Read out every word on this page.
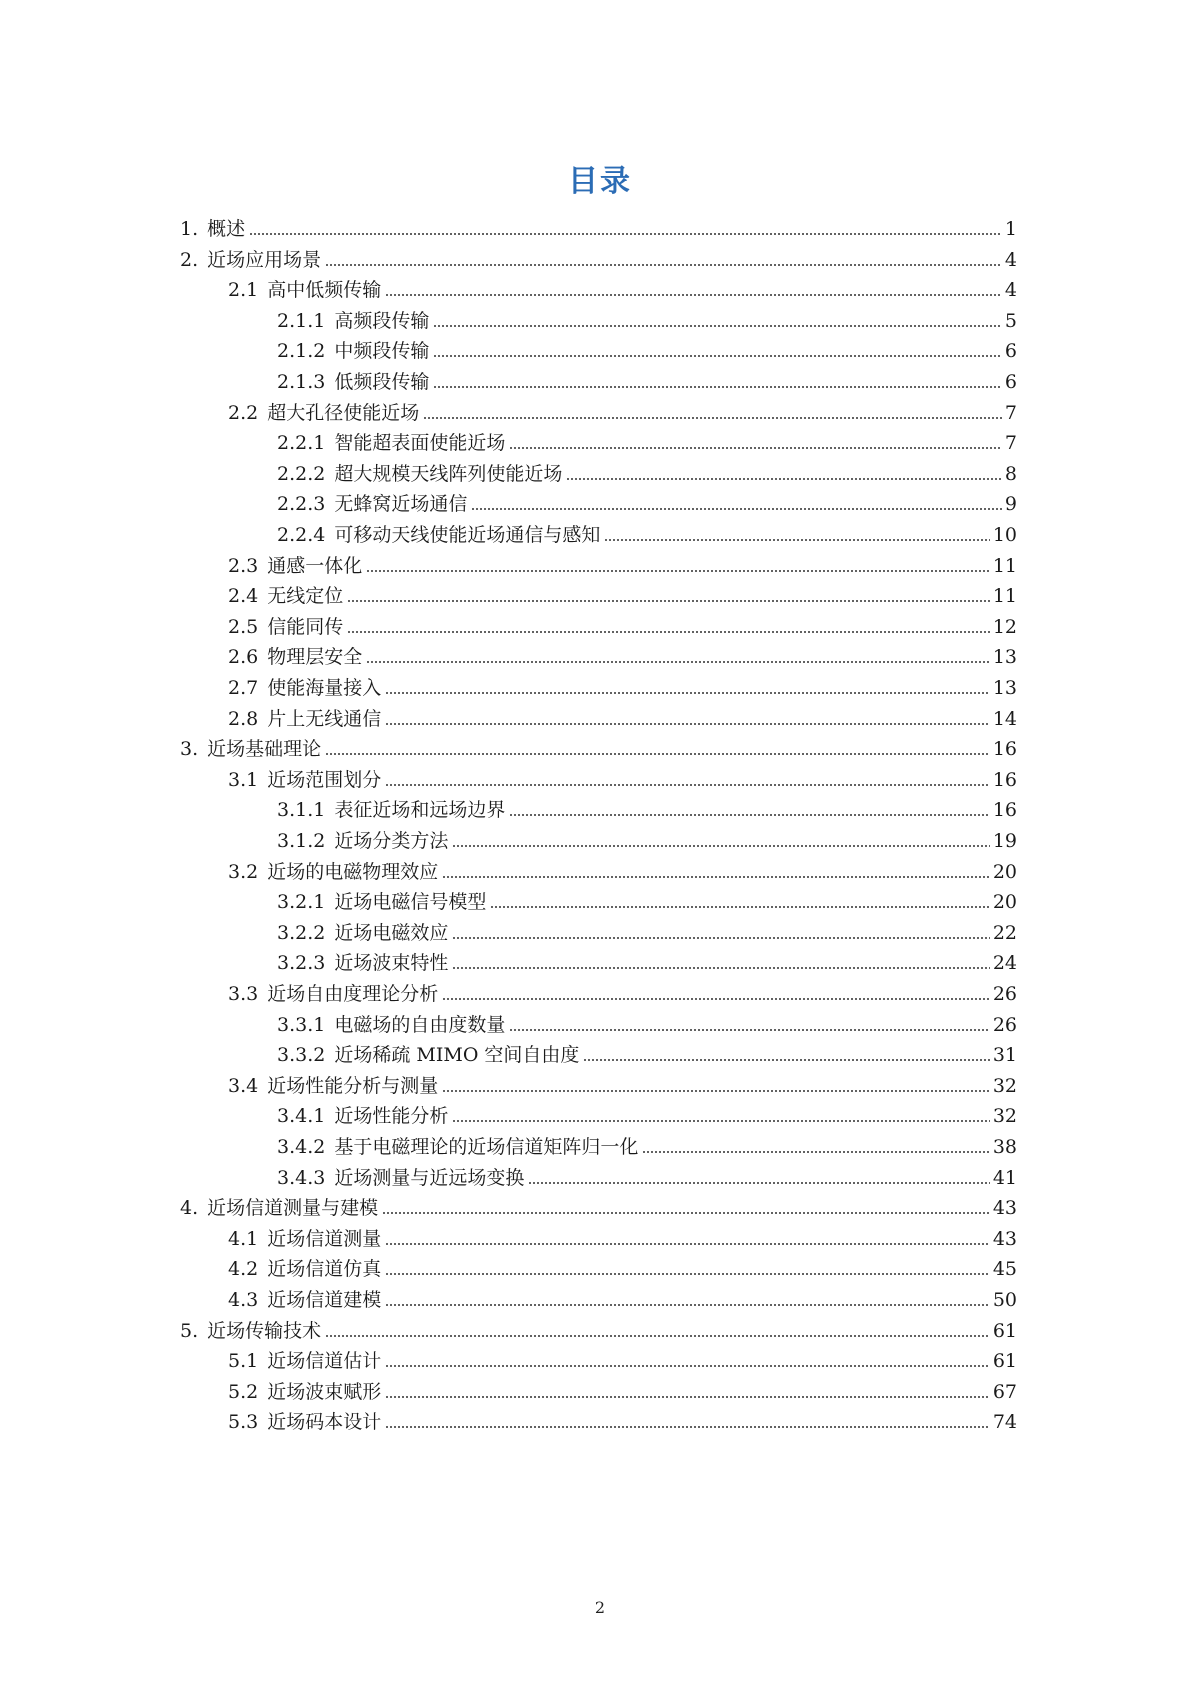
目录
1. 概述	1
2. 近场应用场景	4
2.1 高中低频传输	4
2.1.1 高频段传输	5
2.1.2 中频段传输	6
2.1.3 低频段传输	6
2.2 超大孔径使能近场	7
2.2.1 智能超表面使能近场	7
2.2.2 超大规模天线阵列使能近场	8
2.2.3 无蜂窝近场通信	9
2.2.4 可移动天线使能近场通信与感知	10
2.3 通感一体化	11
2.4 无线定位	11
2.5 信能同传	12
2.6 物理层安全	13
2.7 使能海量接入	13
2.8 片上无线通信	14
3. 近场基础理论	16
3.1 近场范围划分	16
3.1.1 表征近场和远场边界	16
3.1.2 近场分类方法	19
3.2 近场的电磁物理效应	20
3.2.1 近场电磁信号模型	20
3.2.2 近场电磁效应	22
3.2.3 近场波束特性	24
3.3 近场自由度理论分析	26
3.3.1 电磁场的自由度数量	26
3.3.2 近场稀疏 MIMO 空间自由度	31
3.4 近场性能分析与测量	32
3.4.1 近场性能分析	32
3.4.2 基于电磁理论的近场信道矩阵归一化	38
3.4.3 近场测量与近远场变换	41
4. 近场信道测量与建模	43
4.1 近场信道测量	43
4.2 近场信道仿真	45
4.3 近场信道建模	50
5. 近场传输技术	61
5.1 近场信道估计	61
5.2 近场波束赋形	67
5.3 近场码本设计	74
2
